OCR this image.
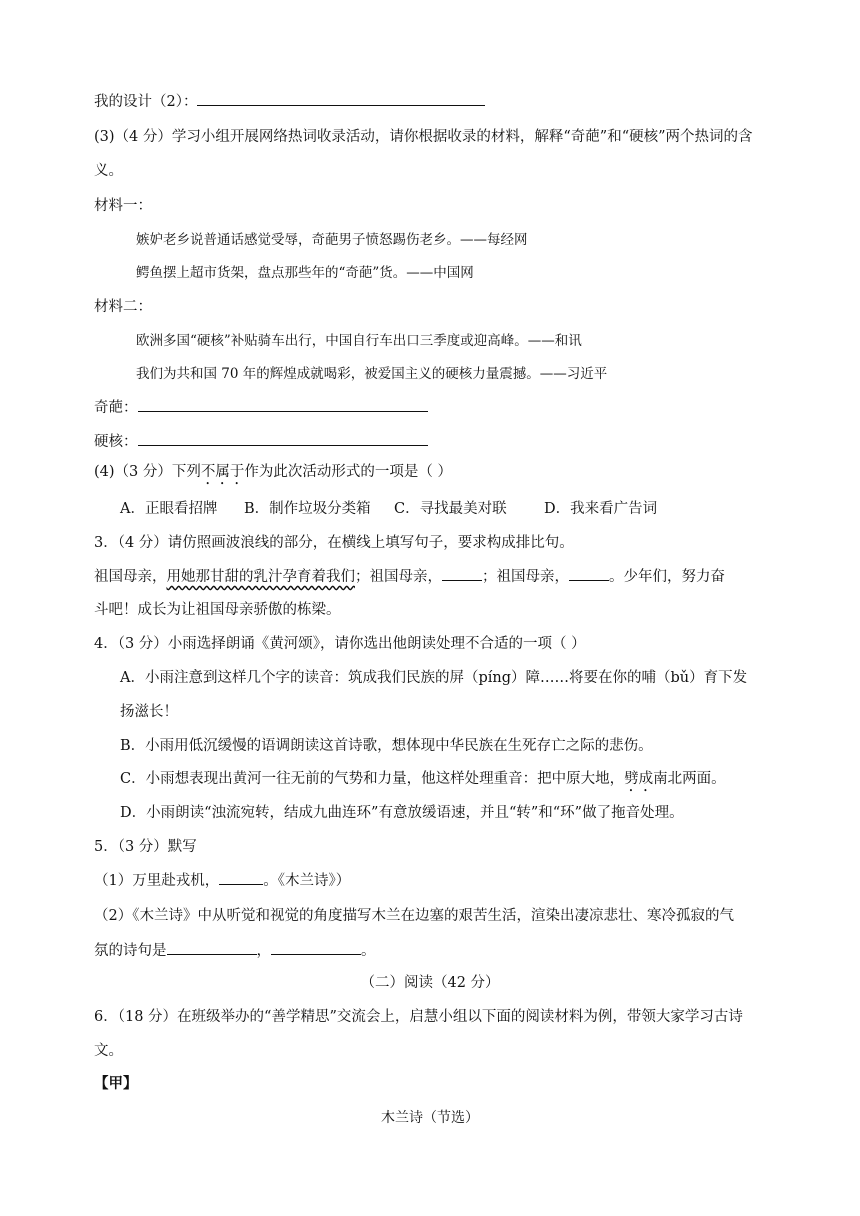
我的设计（2）：
(3)（4 分）学习小组开展网络热词收录活动，请你根据收录的材料，解释“奇葩”和“硬核”两个热词的含
义。
材料一：
嫉妒老乡说普通话感觉受辱，奇葩男子愤怒踢伤老乡。——每经网
鳄鱼摆上超市货架，盘点那些年的“奇葩”货。——中国网
材料二：
欧洲多国“硬核”补贴骑车出行，中国自行车出口三季度或迎高峰。——和讯
我们为共和国 70 年的辉煌成就喝彩，被爱国主义的硬核力量震撼。——习近平
奇葩：
硬核：
(4)（3 分）下列不属于作为此次活动形式的一项是（ ）
A．正眼看招牌 B．制作垃圾分类箱 C．寻找最美对联	D．我来看广告词
3．（4 分）请仿照画波浪线的部分，在横线上填写句子，要求构成排比句。
祖国母亲，用她那甘甜的乳汁孕育着我们；祖国母亲，	；祖国母亲，	。少年们，努力奋
斗吧！成长为让祖国母亲骄傲的栋梁。
4．（3 分）小雨选择朗诵《黄河颂》，请你选出他朗读处理不合适的一项（ ）
A．小雨注意到这样几个字的读音：筑成我们民族的屏（píng）障……将要在你的哺（bǔ）育下发
扬滋长！
B．小雨用低沉缓慢的语调朗读这首诗歌，想体现中华民族在生死存亡之际的悲伤。
C．小雨想表现出黄河一往无前的气势和力量，他这样处理重音：把中原大地，劈成南北两面。
D．小雨朗读“浊流宛转，结成九曲连环”有意放缓语速，并且“转”和“环”做了拖音处理。
5．（3 分）默写
（1）万里赴戎机，	。《木兰诗》）
（2）《木兰诗》中从听觉和视觉的角度描写木兰在边塞的艰苦生活，渲染出凄凉悲壮、寒冷孤寂的气
氛的诗句是	，	。
（二）阅读（42 分）
6．（18 分）在班级举办的“善学精思”交流会上，启慧小组以下面的阅读材料为例，带领大家学习古诗
文。
【甲】
木兰诗（节选）
